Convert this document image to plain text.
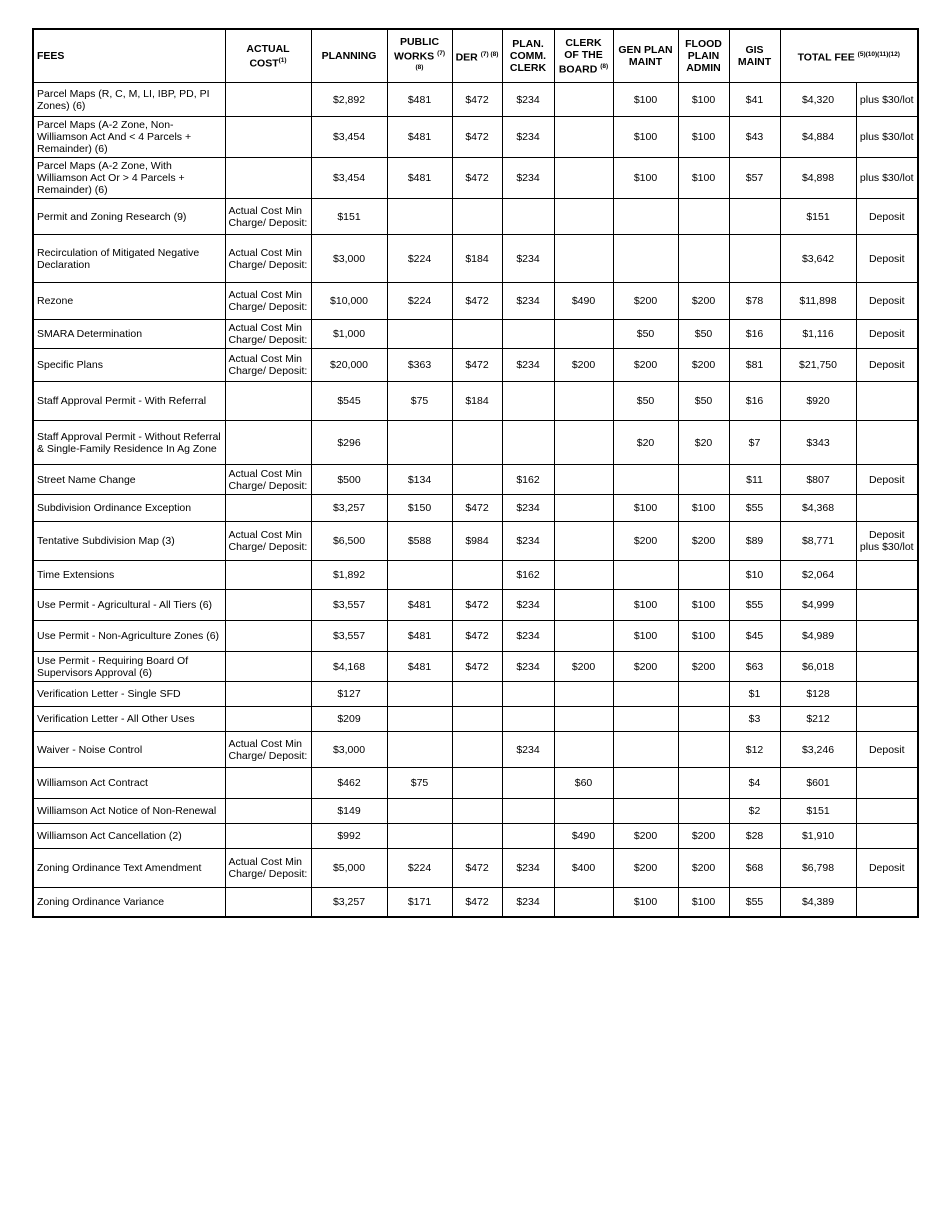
FEES	ACTUAL COST$^{(1)}$	PLANNING	PUBLIC WORKS $^{(7) (8)}$	DER $^{(7) (8)}$	PLAN. COMM. CLERK	CLERK OF THE BOARD $^{(8)}$	GEN PLAN MAINT	FLOOD PLAIN ADMIN	GIS MAINT	TOTAL FEE $^{(5)(10)(11)(12)}$
Parcel Maps (R, C, M, LI, IBP, PD, PI Zones) (6)		$2,892	$481	$472	$234		$100	$100	$41	$4,320	plus $30/lot
Parcel Maps (A-2 Zone, Non-Williamson Act And < 4 Parcels + Remainder) (6)		$3,454	$481	$472	$234		$100	$100	$43	$4,884	plus $30/lot
Parcel Maps (A-2 Zone, With Williamson Act Or > 4 Parcels + Remainder) (6)		$3,454	$481	$472	$234		$100	$100	$57	$4,898	plus $30/lot
Permit and Zoning Research (9)	Actual Cost Min Charge/ Deposit:	$151								$151	Deposit
Recirculation of Mitigated Negative Declaration	Actual Cost Min Charge/ Deposit:	$3,000	$224	$184	$234					$3,642	Deposit
Rezone	Actual Cost Min Charge/ Deposit:	$10,000	$224	$472	$234	$490	$200	$200	$78	$11,898	Deposit
SMARA Determination	Actual Cost Min Charge/ Deposit:	$1,000					$50	$50	$16	$1,116	Deposit
Specific Plans	Actual Cost Min Charge/ Deposit:	$20,000	$363	$472	$234	$200	$200	$200	$81	$21,750	Deposit
Staff Approval Permit - With Referral		$545	$75	$184			$50	$50	$16	$920	
Staff Approval Permit - Without Referral & Single-Family Residence In Ag Zone		$296					$20	$20	$7	$343	
Street Name Change	Actual Cost Min Charge/ Deposit:	$500	$134		$162				$11	$807	Deposit
Subdivision Ordinance Exception		$3,257	$150	$472	$234		$100	$100	$55	$4,368	
Tentative Subdivision Map (3)	Actual Cost Min Charge/ Deposit:	$6,500	$588	$984	$234		$200	$200	$89	$8,771	Deposit plus $30/lot
Time Extensions		$1,892			$162				$10	$2,064	
Use Permit - Agricultural - All Tiers (6)		$3,557	$481	$472	$234		$100	$100	$55	$4,999	
Use Permit - Non-Agriculture Zones (6)		$3,557	$481	$472	$234		$100	$100	$45	$4,989	
Use Permit - Requiring Board Of Supervisors Approval (6)		$4,168	$481	$472	$234	$200	$200	$200	$63	$6,018	
Verification Letter - Single SFD		$127							$1	$128	
Verification Letter - All Other Uses		$209							$3	$212	
Waiver - Noise Control	Actual Cost Min Charge/ Deposit:	$3,000			$234				$12	$3,246	Deposit
Williamson Act Contract		$462	$75			$60			$4	$601	
Williamson Act Notice of Non-Renewal		$149							$2	$151	
Williamson Act Cancellation (2)		$992				$490	$200	$200	$28	$1,910	
Zoning Ordinance Text Amendment	Actual Cost Min Charge/ Deposit:	$5,000	$224	$472	$234	$400	$200	$200	$68	$6,798	Deposit
Zoning Ordinance Variance		$3,257	$171	$472	$234		$100	$100	$55	$4,389	
